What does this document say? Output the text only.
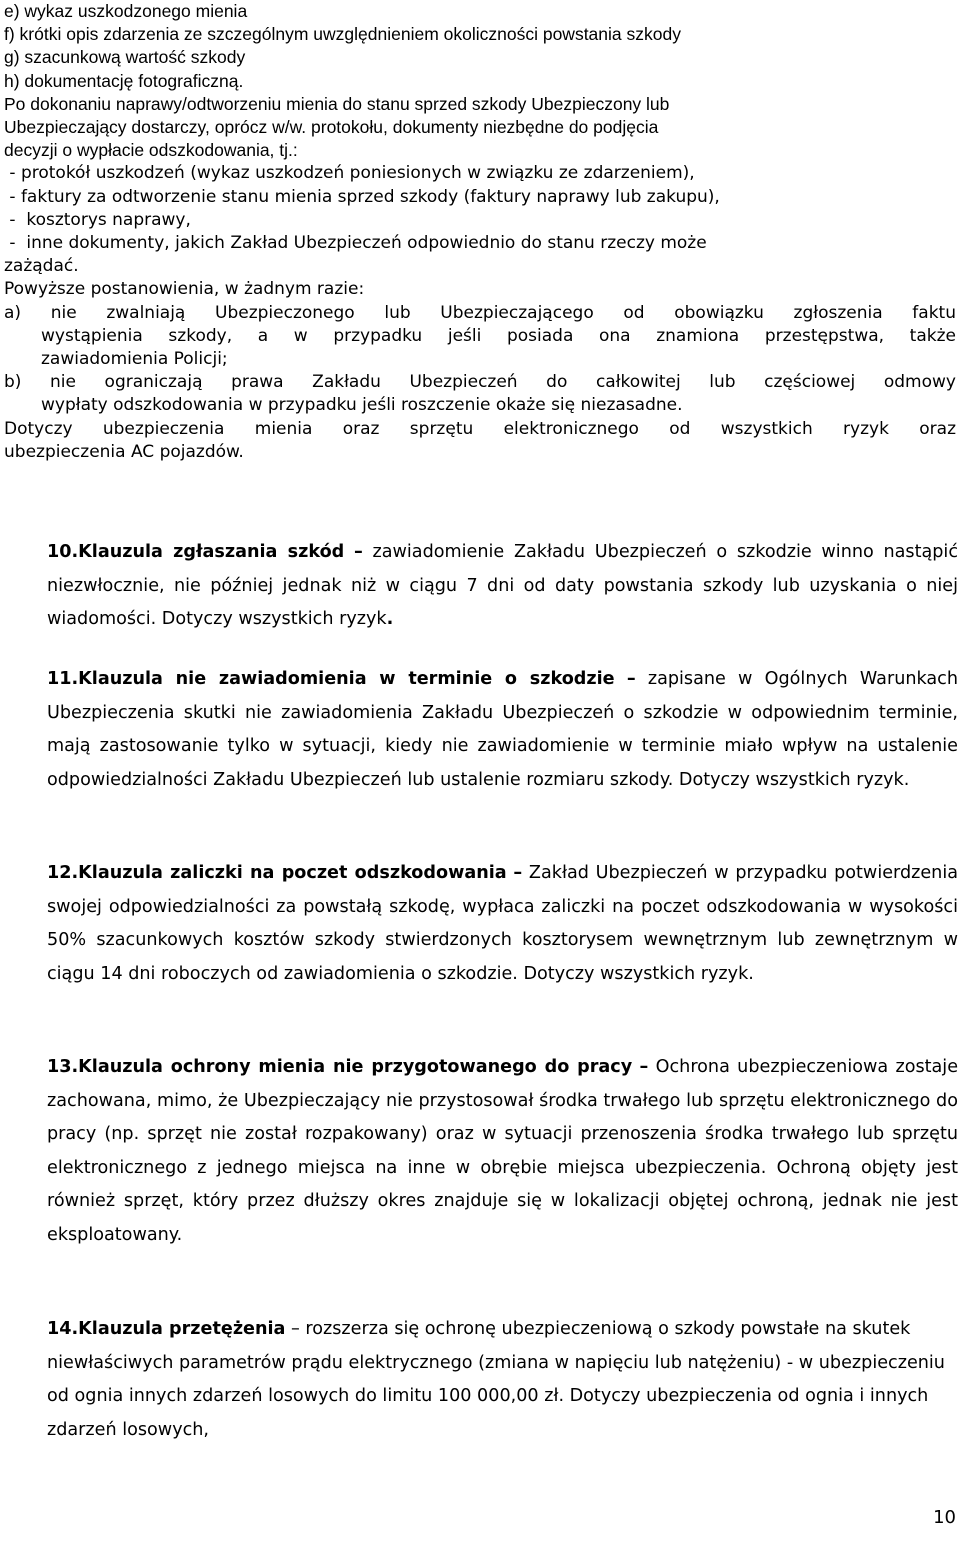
e) wykaz uszkodzonego mienia
f) krótki opis zdarzenia ze szczególnym uwzględnieniem okoliczności powstania szkody
g) szacunkową wartość szkody
h) dokumentację fotograficzną.
Po dokonaniu naprawy/odtworzeniu mienia do stanu sprzed szkody Ubezpieczony lub
Ubezpieczający dostarczy, oprócz w/w. protokołu, dokumenty niezbędne do podjęcia
decyzji o wypłacie odszkodowania, tj.:
- protokół uszkodzeń (wykaz uszkodzeń poniesionych w związku ze zdarzeniem),
- faktury za odtworzenie stanu mienia sprzed szkody (faktury naprawy lub zakupu),
-  kosztorys naprawy,
-  inne dokumenty, jakich Zakład Ubezpieczeń odpowiednio do stanu rzeczy może
zażądać.
Powyższe postanowienia, w żadnym razie:
a) nie zwalniają Ubezpieczonego lub Ubezpieczającego od obowiązku zgłoszenia faktu
wystąpienia szkody, a w przypadku jeśli posiada ona znamiona przestępstwa, także
zawiadomienia Policji;
b) nie ograniczają prawa Zakładu Ubezpieczeń do całkowitej lub częściowej odmowy
wypłaty odszkodowania w przypadku jeśli roszczenie okaże się niezasadne.
Dotyczy ubezpieczenia mienia oraz sprzętu elektronicznego od wszystkich ryzyk oraz
ubezpieczenia AC pojazdów.

10.Klauzula zgłaszania szkód – zawiadomienie Zakładu Ubezpieczeń o szkodzie winno nastąpić niezwłocznie, nie później jednak niż w ciągu 7 dni od daty powstania szkody lub uzyskania o niej wiadomości. Dotyczy wszystkich ryzyk.

11.Klauzula nie zawiadomienia w terminie o szkodzie – zapisane w Ogólnych Warunkach Ubezpieczenia skutki nie zawiadomienia Zakładu Ubezpieczeń o szkodzie w odpowiednim terminie, mają zastosowanie tylko w sytuacji, kiedy nie zawiadomienie w terminie miało wpływ na ustalenie odpowiedzialności Zakładu Ubezpieczeń lub ustalenie rozmiaru szkody. Dotyczy wszystkich ryzyk.

12.Klauzula zaliczki na poczet odszkodowania – Zakład Ubezpieczeń w przypadku potwierdzenia swojej odpowiedzialności za powstałą szkodę, wypłaca zaliczki na poczet odszkodowania w wysokości 50% szacunkowych kosztów szkody stwierdzonych kosztorysem wewnętrznym lub zewnętrznym w ciągu 14 dni roboczych od zawiadomienia o szkodzie. Dotyczy wszystkich ryzyk.

13.Klauzula ochrony mienia nie przygotowanego do pracy – Ochrona ubezpieczeniowa zostaje zachowana, mimo, że Ubezpieczający nie przystosował środka trwałego lub sprzętu elektronicznego do pracy (np. sprzęt nie został rozpakowany) oraz w sytuacji przenoszenia środka trwałego lub sprzętu elektronicznego z jednego miejsca na inne w obrębie miejsca ubezpieczenia. Ochroną objęty jest również sprzęt, który przez dłuższy okres znajduje się w lokalizacji objętej ochroną, jednak nie jest eksploatowany.

14.Klauzula przetężenia – rozszerza się ochronę ubezpieczeniową o szkody powstałe na skutek niewłaściwych parametrów prądu elektrycznego (zmiana w napięciu lub natężeniu) - w ubezpieczeniu od ognia innych zdarzeń losowych do limitu 100 000,00 zł. Dotyczy ubezpieczenia od ognia i innych zdarzeń losowych,

10
